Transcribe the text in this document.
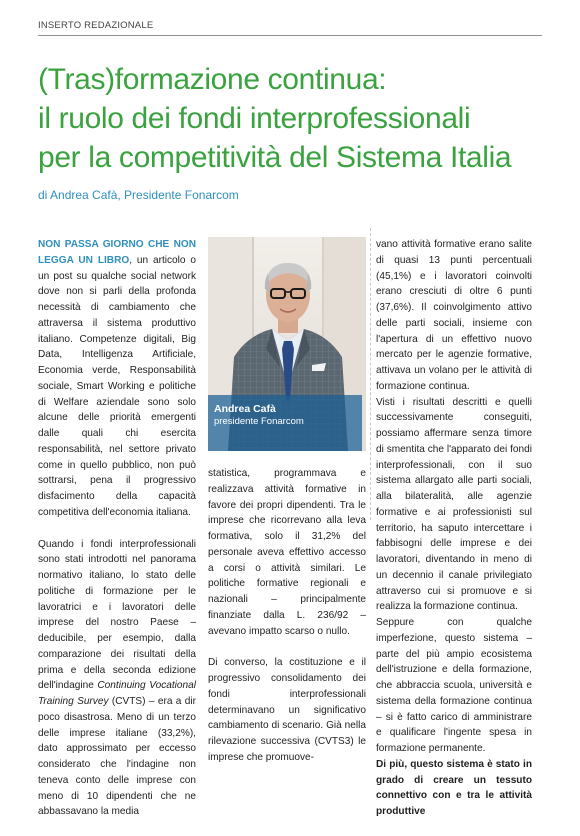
INSERTO REDAZIONALE
(Tras)formazione continua:
il ruolo dei fondi interprofessionali
per la competitività del Sistema Italia
di Andrea Cafà, Presidente Fonarcom

NON PASSA GIORNO CHE NON LEGGA UN LIBRO, un articolo o un post su qualche social network dove non si parli della profonda necessità di cambiamento che attraversa il sistema produttivo italiano. Competenze digitali, Big Data, Intelligenza Artificiale, Economia verde, Responsabilità sociale, Smart Working e politiche di Welfare aziendale sono solo alcune delle priorità emergenti dalle quali chi esercita responsabilità, nel settore privato come in quello pubblico, non può sottrarsi, pena il progressivo disfacimento della capacità competitiva dell'economia italiana.

Quando i fondi interprofessionali sono stati introdotti nel panorama normativo italiano, lo stato delle politiche di formazione per le lavoratrici e i lavoratori delle imprese del nostro Paese – deducibile, per esempio, dalla comparazione dei risultati della prima e della seconda edizione dell'indagine Continuing Vocational Training Survey (CVTS) – era a dir poco disastrosa. Meno di un terzo delle imprese italiane (33,2%), dato approssimato per eccesso considerato che l'indagine non teneva conto delle imprese con meno di 10 dipendenti che ne abbassavano la media

Andrea Cafà
presidente Fonarcom

statistica, programmava e realizzava attività formative in favore dei propri dipendenti. Tra le imprese che ricorrevano alla leva formativa, solo il 31,2% del personale aveva effettivo accesso a corsi o attività similari. Le politiche formative regionali e nazionali – principalmente finanziate dalla L. 236/92 – avevano impatto scarso o nullo.

Di converso, la costituzione e il progressivo consolidamento dei fondi interprofessionali determinavano un significativo cambiamento di scenario. Già nella rilevazione successiva (CVTS3) le imprese che promuove-

vano attività formative erano salite di quasi 13 punti percentuali (45,1%) e i lavoratori coinvolti erano cresciuti di oltre 6 punti (37,6%). Il coinvolgimento attivo delle parti sociali, insieme con l'apertura di un effettivo nuovo mercato per le agenzie formative, attivava un volano per le attività di formazione continua.

Visti i risultati descritti e quelli successivamente conseguiti, possiamo affermare senza timore di smentita che l'apparato dei fondi interprofessionali, con il suo sistema allargato alle parti sociali, alla bilateralità, alle agenzie formative e ai professionisti sul territorio, ha saputo intercettare i fabbisogni delle imprese e dei lavoratori, diventando in meno di un decennio il canale privilegiato attraverso cui si promuove e si realizza la formazione continua.

Seppure con qualche imperfezione, questo sistema – parte del più ampio ecosistema dell'istruzione e della formazione, che abbraccia scuola, università e sistema della formazione continua – si è fatto carico di amministrare e qualificare l'ingente spesa in formazione permanente.

Di più, questo sistema è stato in grado di creare un tessuto connettivo con e tra le attività produttive
